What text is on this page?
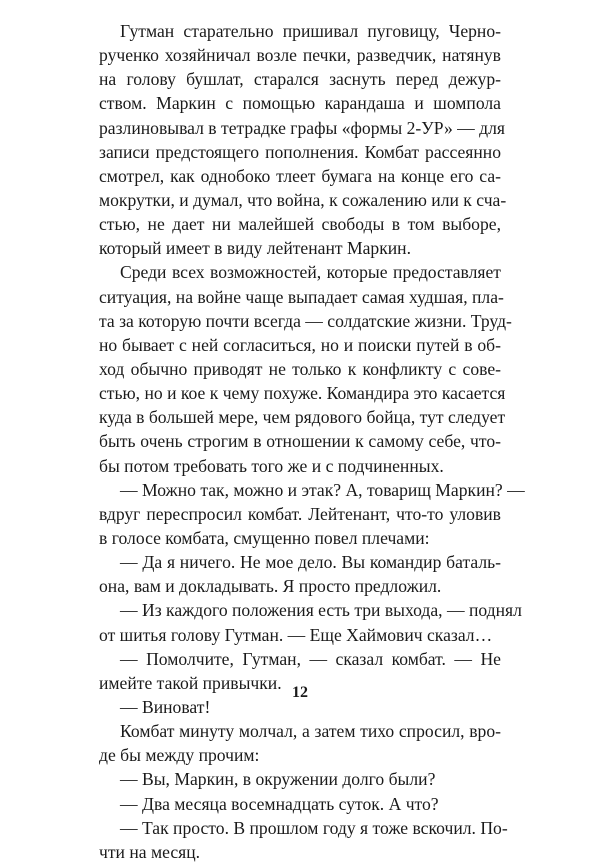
Гутман старательно пришивал пуговицу, Черно-
рученко хозяйничал возле печки, разведчик, натянув
на голову бушлат, старался заснуть перед дежур-
ством. Маркин с помощью карандаша и шомпола
разлиновывал в тетрадке графы «формы 2-УР» — для
записи предстоящего пополнения. Комбат рассеянно
смотрел, как однобоко тлеет бумага на конце его са-
мокрутки, и думал, что война, к сожалению или к сча-
стью, не дает ни малейшей свободы в том выборе,
который имеет в виду лейтенант Маркин.
Среди всех возможностей, которые предоставляет
ситуация, на войне чаще выпадает самая худшая, пла-
та за которую почти всегда — солдатские жизни. Труд-
но бывает с ней согласиться, но и поиски путей в об-
ход обычно приводят не только к конфликту с сове-
стью, но и кое к чему похуже. Командира это касается
куда в большей мере, чем рядового бойца, тут следует
быть очень строгим в отношении к самому себе, что-
бы потом требовать того же и с подчиненных.
— Можно так, можно и этак? А, товарищ Маркин? —
вдруг переспросил комбат. Лейтенант, что-то уловив
в голосе комбата, смущенно повел плечами:
— Да я ничего. Не мое дело. Вы командир баталь-
она, вам и докладывать. Я просто предложил.
— Из каждого положения есть три выхода, — поднял
от шитья голову Гутман. — Еще Хаймович сказал…
— Помолчите, Гутман, — сказал комбат. — Не
имейте такой привычки.
— Виноват!
Комбат минуту молчал, а затем тихо спросил, вро-
де бы между прочим:
— Вы, Маркин, в окружении долго были?
— Два месяца восемнадцать суток. А что?
— Так просто. В прошлом году я тоже вскочил. По-
чти на месяц.
12
